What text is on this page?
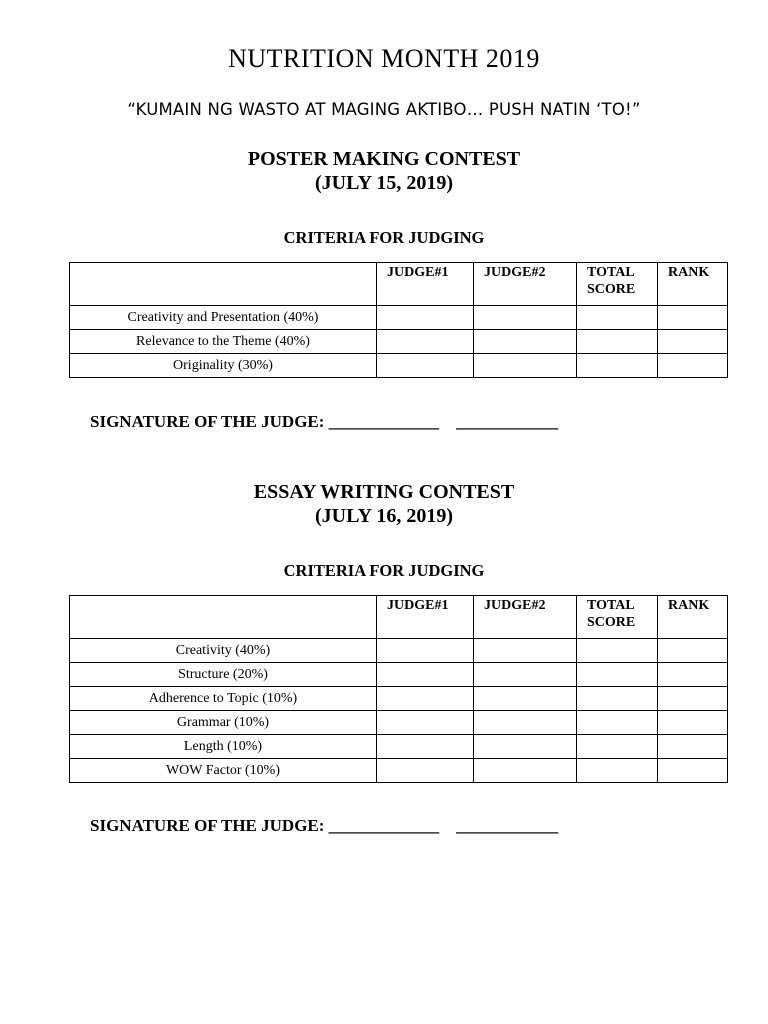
NUTRITION MONTH 2019
“KUMAIN NG WASTO AT MAGING AKTIBO… PUSH NATIN ‘TO!”
POSTER MAKING CONTEST
(JULY 15, 2019)
CRITERIA FOR JUDGING
	JUDGE#1	JUDGE#2	TOTAL SCORE	RANK
Creativity and Presentation (40%)				
Relevance to the Theme (40%)				
Originality (30%)				
SIGNATURE OF THE JUDGE: _____________    ____________
ESSAY WRITING CONTEST
(JULY 16, 2019)
CRITERIA FOR JUDGING
	JUDGE#1	JUDGE#2	TOTAL SCORE	RANK
Creativity (40%)				
Structure (20%)				
Adherence to Topic (10%)				
Grammar (10%)				
Length (10%)				
WOW Factor (10%)				
SIGNATURE OF THE JUDGE: _____________    ____________
